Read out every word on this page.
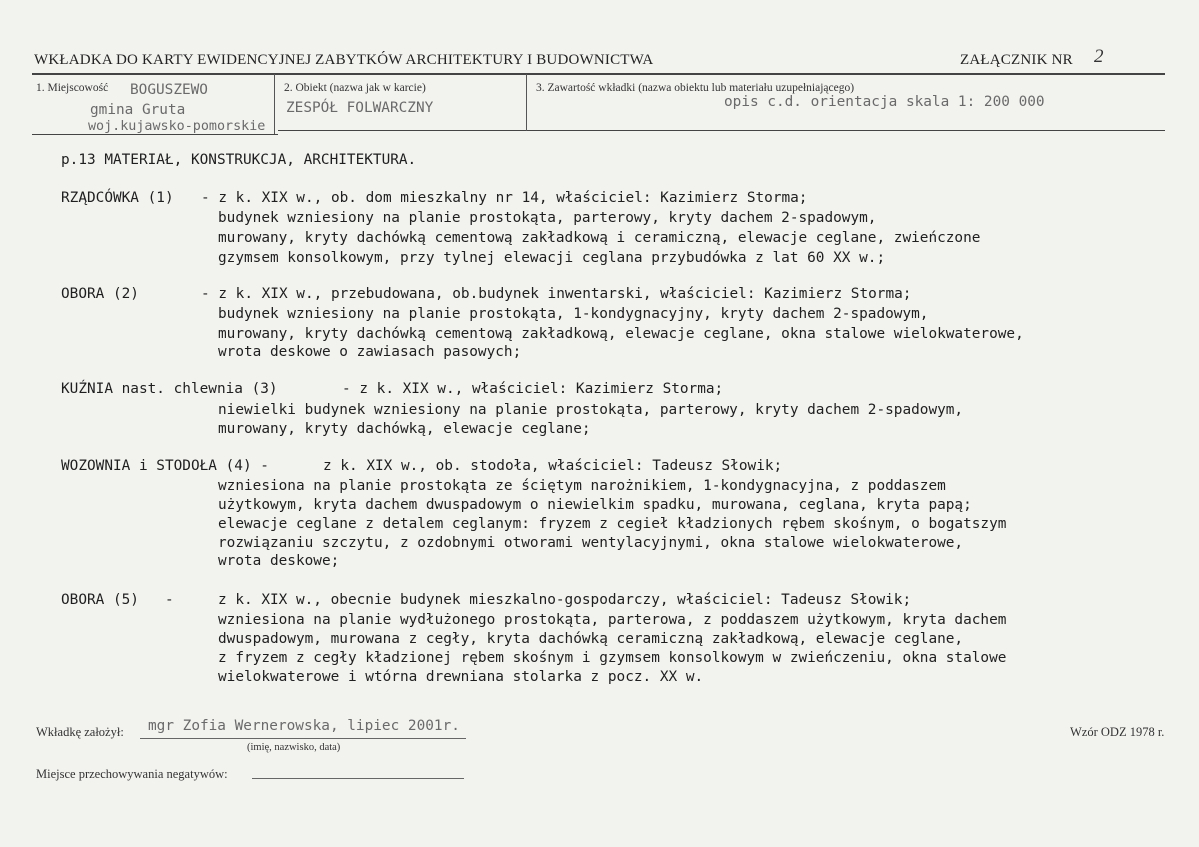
WKŁADKA DO KARTY EWIDENCYJNEJ ZABYTKÓW ARCHITEKTURY I BUDOWNICTWA	ZAŁĄCZNIK NR 2
1. Miejscowość BOGUSZEWO
gmina Gruta
woj.kujawsko-pomorskie
2. Obiekt (nazwa jak w karcie)
ZESPÓŁ FOLWARCZNY
3. Zawartość wkładki (nazwa obiektu lub materiału uzupełniającego)
opis c.d. orientacja skala 1: 200 000
p.13 MATERIAŁ, KONSTRUKCJA, ARCHITEKTURA.
RZĄDCÓWKA (1) - z k. XIX w., ob. dom mieszkalny nr 14, właściciel: Kazimierz Storma;
budynek wzniesiony na planie prostokąta, parterowy, kryty dachem 2-spadowym,
murowany, kryty dachówką cementową zakładkową i ceramiczną, elewacje ceglane, zwieńczone
gzymsem konsolkowym, przy tylnej elewacji ceglana przybudówka z lat 60 XX w.;
OBORA (2)	- z k. XIX w., przebudowana, ob.budynek inwentarski, właściciel: Kazimierz Storma;
budynek wzniesiony na planie prostokąta, 1-kondygnacyjny, kryty dachem 2-spadowym,
murowany, kryty dachówką cementową zakładkową, elewacje ceglane, okna stalowe wielokwaterowe,
wrota deskowe o zawiasach pasowych;
KUŹNIA nast. chlewnia (3)	- z k. XIX w., właściciel: Kazimierz Storma;
niewielki budynek wzniesiony na planie prostokąta, parterowy, kryty dachem 2-spadowym,
murowany, kryty dachówką, elewacje ceglane;
WOZOWNIA i STODOŁA (4) -	z k. XIX w., ob. stodoła, właściciel: Tadeusz Słowik;
wzniesiona na planie prostokąta ze ściętym narożnikiem, 1-kondygnacyjna, z poddaszem
użytkowym, kryta dachem dwuspadowym o niewielkim spadku, murowana, ceglana, kryta papą;
elewacje ceglane z detalem ceglanym: fryzem z cegieł kładzionych rębem skośnym, o bogatszym
rozwiązaniu szczytu, z ozdobnymi otworami wentylacyjnymi, okna stalowe wielokwaterowe,
wrota deskowe;
OBORA (5)   -	z k. XIX w., obecnie budynek mieszkalno-gospodarczy, właściciel: Tadeusz Słowik;
wzniesiona na planie wydłużonego prostokąta, parterowa, z poddaszem użytkowym, kryta dachem
dwuspadowym, murowana z cegły, kryta dachówką ceramiczną zakładkową, elewacje ceglane,
z fryzem z cegły kładzionej rębem skośnym i gzymsem konsolkowym w zwieńczeniu, okna stalowe
wielokwaterowe i wtórna drewniana stolarka z pocz. XX w.
Wkładkę założył: mgr Zofia Wernerowska, lipiec 2001r.
(imię, nazwisko, data)
Wzór ODZ 1978 r.
Miejsce przechowywania negatywów:
